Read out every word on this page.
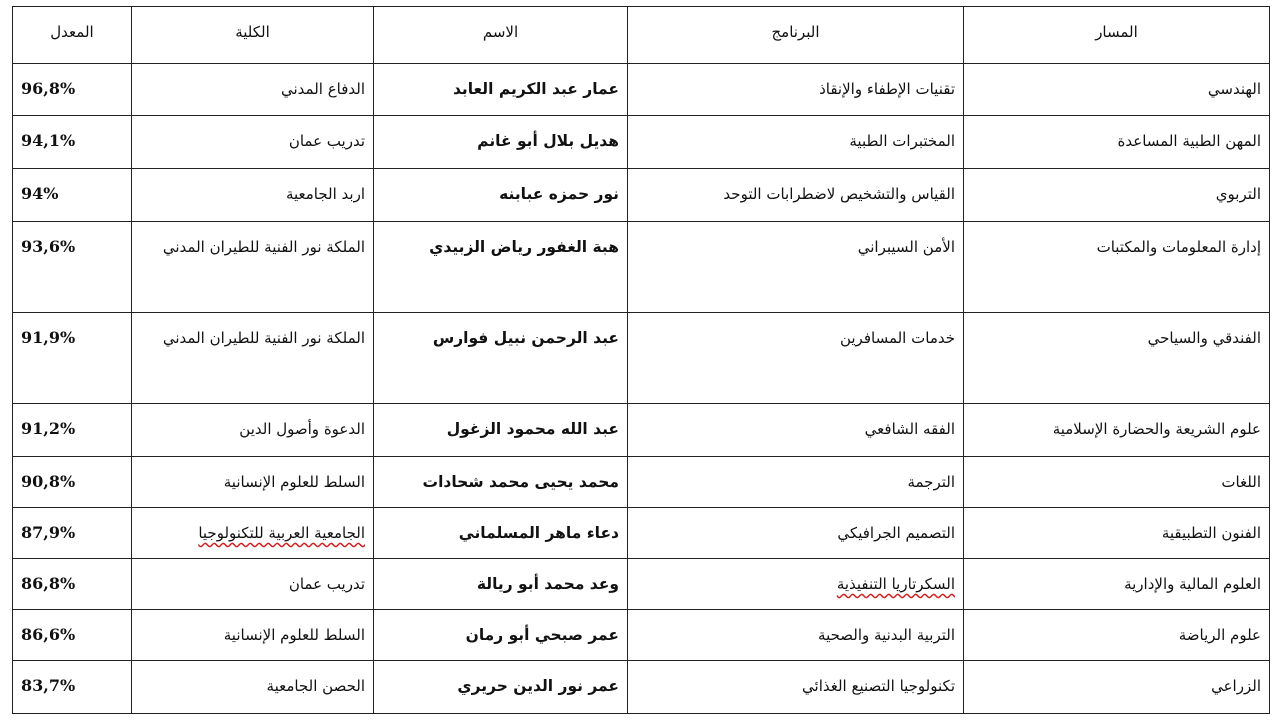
المسار	البرنامج	الاسم	الكلية	المعدل
الهندسي	تقنيات الإطفاء والإنقاذ	عمار عبد الكريم العابد	الدفاع المدني	96,8%
المهن الطبية المساعدة	المختبرات الطبية	هديل بلال أبو غانم	تدريب عمان	94,1%
التربوي	القياس والتشخيص لاضطرابات التوحد	نور حمزه عبابنه	اربد الجامعية	94%
إدارة المعلومات والمكتبات	الأمن السيبراني	هبة الغفور رياض الزبيدي	الملكة نور الفنية للطيران المدني	93,6%
الفندقي والسياحي	خدمات المسافرين	عبد الرحمن نبيل فوارس	الملكة نور الفنية للطيران المدني	91,9%
علوم الشريعة والحضارة الإسلامية	الفقه الشافعي	عبد الله محمود الزغول	الدعوة وأصول الدين	91,2%
اللغات	الترجمة	محمد يحيى محمد شحادات	السلط للعلوم الإنسانية	90,8%
الفنون التطبيقية	التصميم الجرافيكي	دعاء ماهر المسلماني	الجامعية العربية للتكنولوجيا	87,9%
العلوم المالية والإدارية	السكرتاريا التنفيذية	وعد محمد أبو ريالة	تدريب عمان	86,8%
علوم الرياضة	التربية البدنية والصحية	عمر صبحي أبو رمان	السلط للعلوم الإنسانية	86,6%
الزراعي	تكنولوجيا التصنيع الغذائي	عمر نور الدين حريري	الحصن الجامعية	83,7%
